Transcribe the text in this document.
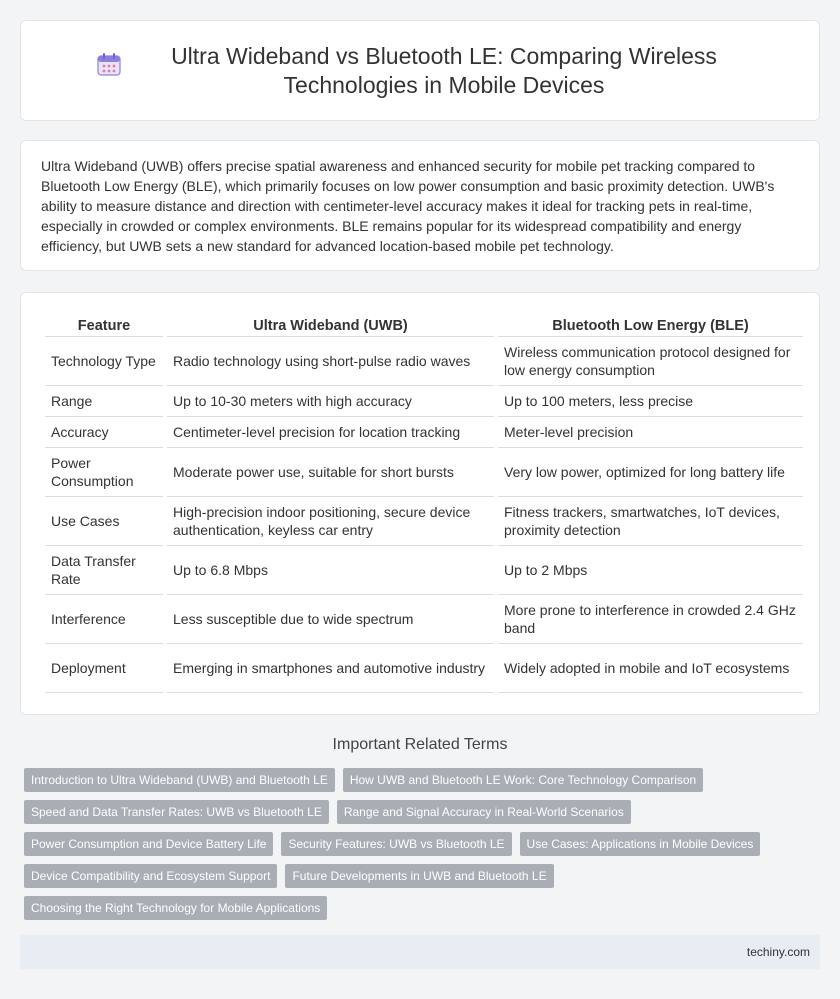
Ultra Wideband vs Bluetooth LE: Comparing Wireless Technologies in Mobile Devices

Ultra Wideband (UWB) offers precise spatial awareness and enhanced security for mobile pet tracking compared to Bluetooth Low Energy (BLE), which primarily focuses on low power consumption and basic proximity detection. UWB's ability to measure distance and direction with centimeter-level accuracy makes it ideal for tracking pets in real-time, especially in crowded or complex environments. BLE remains popular for its widespread compatibility and energy efficiency, but UWB sets a new standard for advanced location-based mobile pet technology.

Feature	Ultra Wideband (UWB)	Bluetooth Low Energy (BLE)
Technology Type	Radio technology using short-pulse radio waves	Wireless communication protocol designed for low energy consumption
Range	Up to 10-30 meters with high accuracy	Up to 100 meters, less precise
Accuracy	Centimeter-level precision for location tracking	Meter-level precision
Power Consumption	Moderate power use, suitable for short bursts	Very low power, optimized for long battery life
Use Cases	High-precision indoor positioning, secure device authentication, keyless car entry	Fitness trackers, smartwatches, IoT devices, proximity detection
Data Transfer Rate	Up to 6.8 Mbps	Up to 2 Mbps
Interference	Less susceptible due to wide spectrum	More prone to interference in crowded 2.4 GHz band
Deployment	Emerging in smartphones and automotive industry	Widely adopted in mobile and IoT ecosystems
Important Related Terms
Introduction to Ultra Wideband (UWB) and Bluetooth LE	How UWB and Bluetooth LE Work: Core Technology Comparison
Speed and Data Transfer Rates: UWB vs Bluetooth LE	Range and Signal Accuracy in Real-World Scenarios
Power Consumption and Device Battery Life	Security Features: UWB vs Bluetooth LE	Use Cases: Applications in Mobile Devices
Device Compatibility and Ecosystem Support	Future Developments in UWB and Bluetooth LE
Choosing the Right Technology for Mobile Applications
techiny.com
